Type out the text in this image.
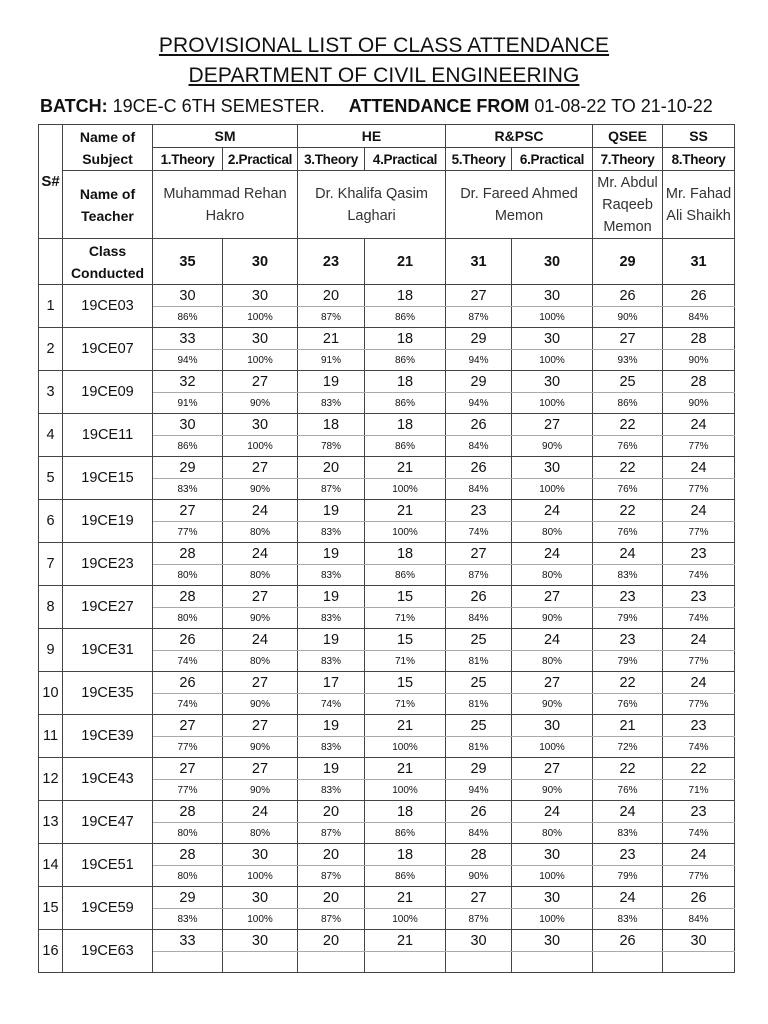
PROVISIONAL LIST OF CLASS ATTENDANCE
DEPARTMENT OF CIVIL ENGINEERING
BATCH: 19CE-C 6TH SEMESTER. ATTENDANCE FROM 01-08-22 TO 21-10-22
S#	Name of Subject	SM		HE		R&PSC		QSEE	SS
		1.Theory	2.Practical	3.Theory	4.Practical	5.Theory	6.Practical	7.Theory	8.Theory
	Name of Teacher	Muhammad Rehan Hakro		Dr. Khalifa Qasim Laghari		Dr. Fareed Ahmed Memon		Mr. Abdul Raqeeb Memon	Mr. Fahad Ali Shaikh
	Class Conducted	35	30	23	21	31	30	29	31
1	19CE03	30	30	20	18	27	30	26	26
		86%	100%	87%	86%	87%	100%	90%	84%
2	19CE07	33	30	21	18	29	30	27	28
		94%	100%	91%	86%	94%	100%	93%	90%
3	19CE09	32	27	19	18	29	30	25	28
		91%	90%	83%	86%	94%	100%	86%	90%
4	19CE11	30	30	18	18	26	27	22	24
		86%	100%	78%	86%	84%	90%	76%	77%
5	19CE15	29	27	20	21	26	30	22	24
		83%	90%	87%	100%	84%	100%	76%	77%
6	19CE19	27	24	19	21	23	24	22	24
		77%	80%	83%	100%	74%	80%	76%	77%
7	19CE23	28	24	19	18	27	24	24	23
		80%	80%	83%	86%	87%	80%	83%	74%
8	19CE27	28	27	19	15	26	27	23	23
		80%	90%	83%	71%	84%	90%	79%	74%
9	19CE31	26	24	19	15	25	24	23	24
		74%	80%	83%	71%	81%	80%	79%	77%
10	19CE35	26	27	17	15	25	27	22	24
		74%	90%	74%	71%	81%	90%	76%	77%
11	19CE39	27	27	19	21	25	30	21	23
		77%	90%	83%	100%	81%	100%	72%	74%
12	19CE43	27	27	19	21	29	27	22	22
		77%	90%	83%	100%	94%	90%	76%	71%
13	19CE47	28	24	20	18	26	24	24	23
		80%	80%	87%	86%	84%	80%	83%	74%
14	19CE51	28	30	20	18	28	30	23	24
		80%	100%	87%	86%	90%	100%	79%	77%
15	19CE59	29	30	20	21	27	30	24	26
		83%	100%	87%	100%	87%	100%	83%	84%
16	19CE63	33	30	20	21	30	30	26	30
